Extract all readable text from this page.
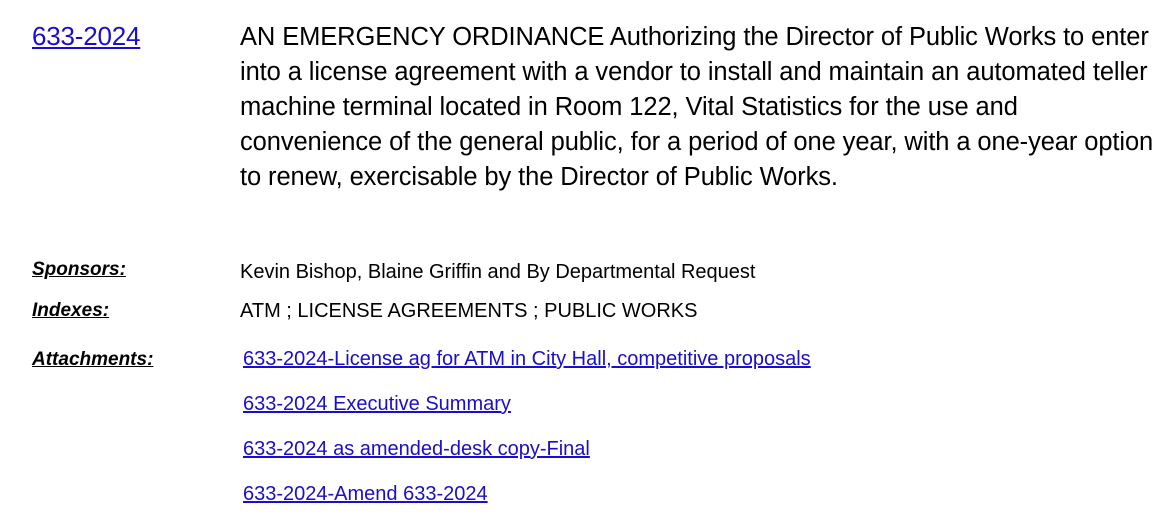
633-2024	AN EMERGENCY ORDINANCE Authorizing the Director of Public Works to enter into a license agreement with a vendor to install and maintain an automated teller machine terminal located in Room 122, Vital Statistics for the use and convenience of the general public, for a period of one year, with a one-year option to renew, exercisable by the Director of Public Works.
Sponsors:	Kevin Bishop, Blaine Griffin and By Departmental Request
Indexes:	ATM ; LICENSE AGREEMENTS ; PUBLIC WORKS
Attachments:	633-2024-License ag for ATM in City Hall, competitive proposals
633-2024 Executive Summary
633-2024 as amended-desk copy-Final
633-2024-Amend 633-2024
